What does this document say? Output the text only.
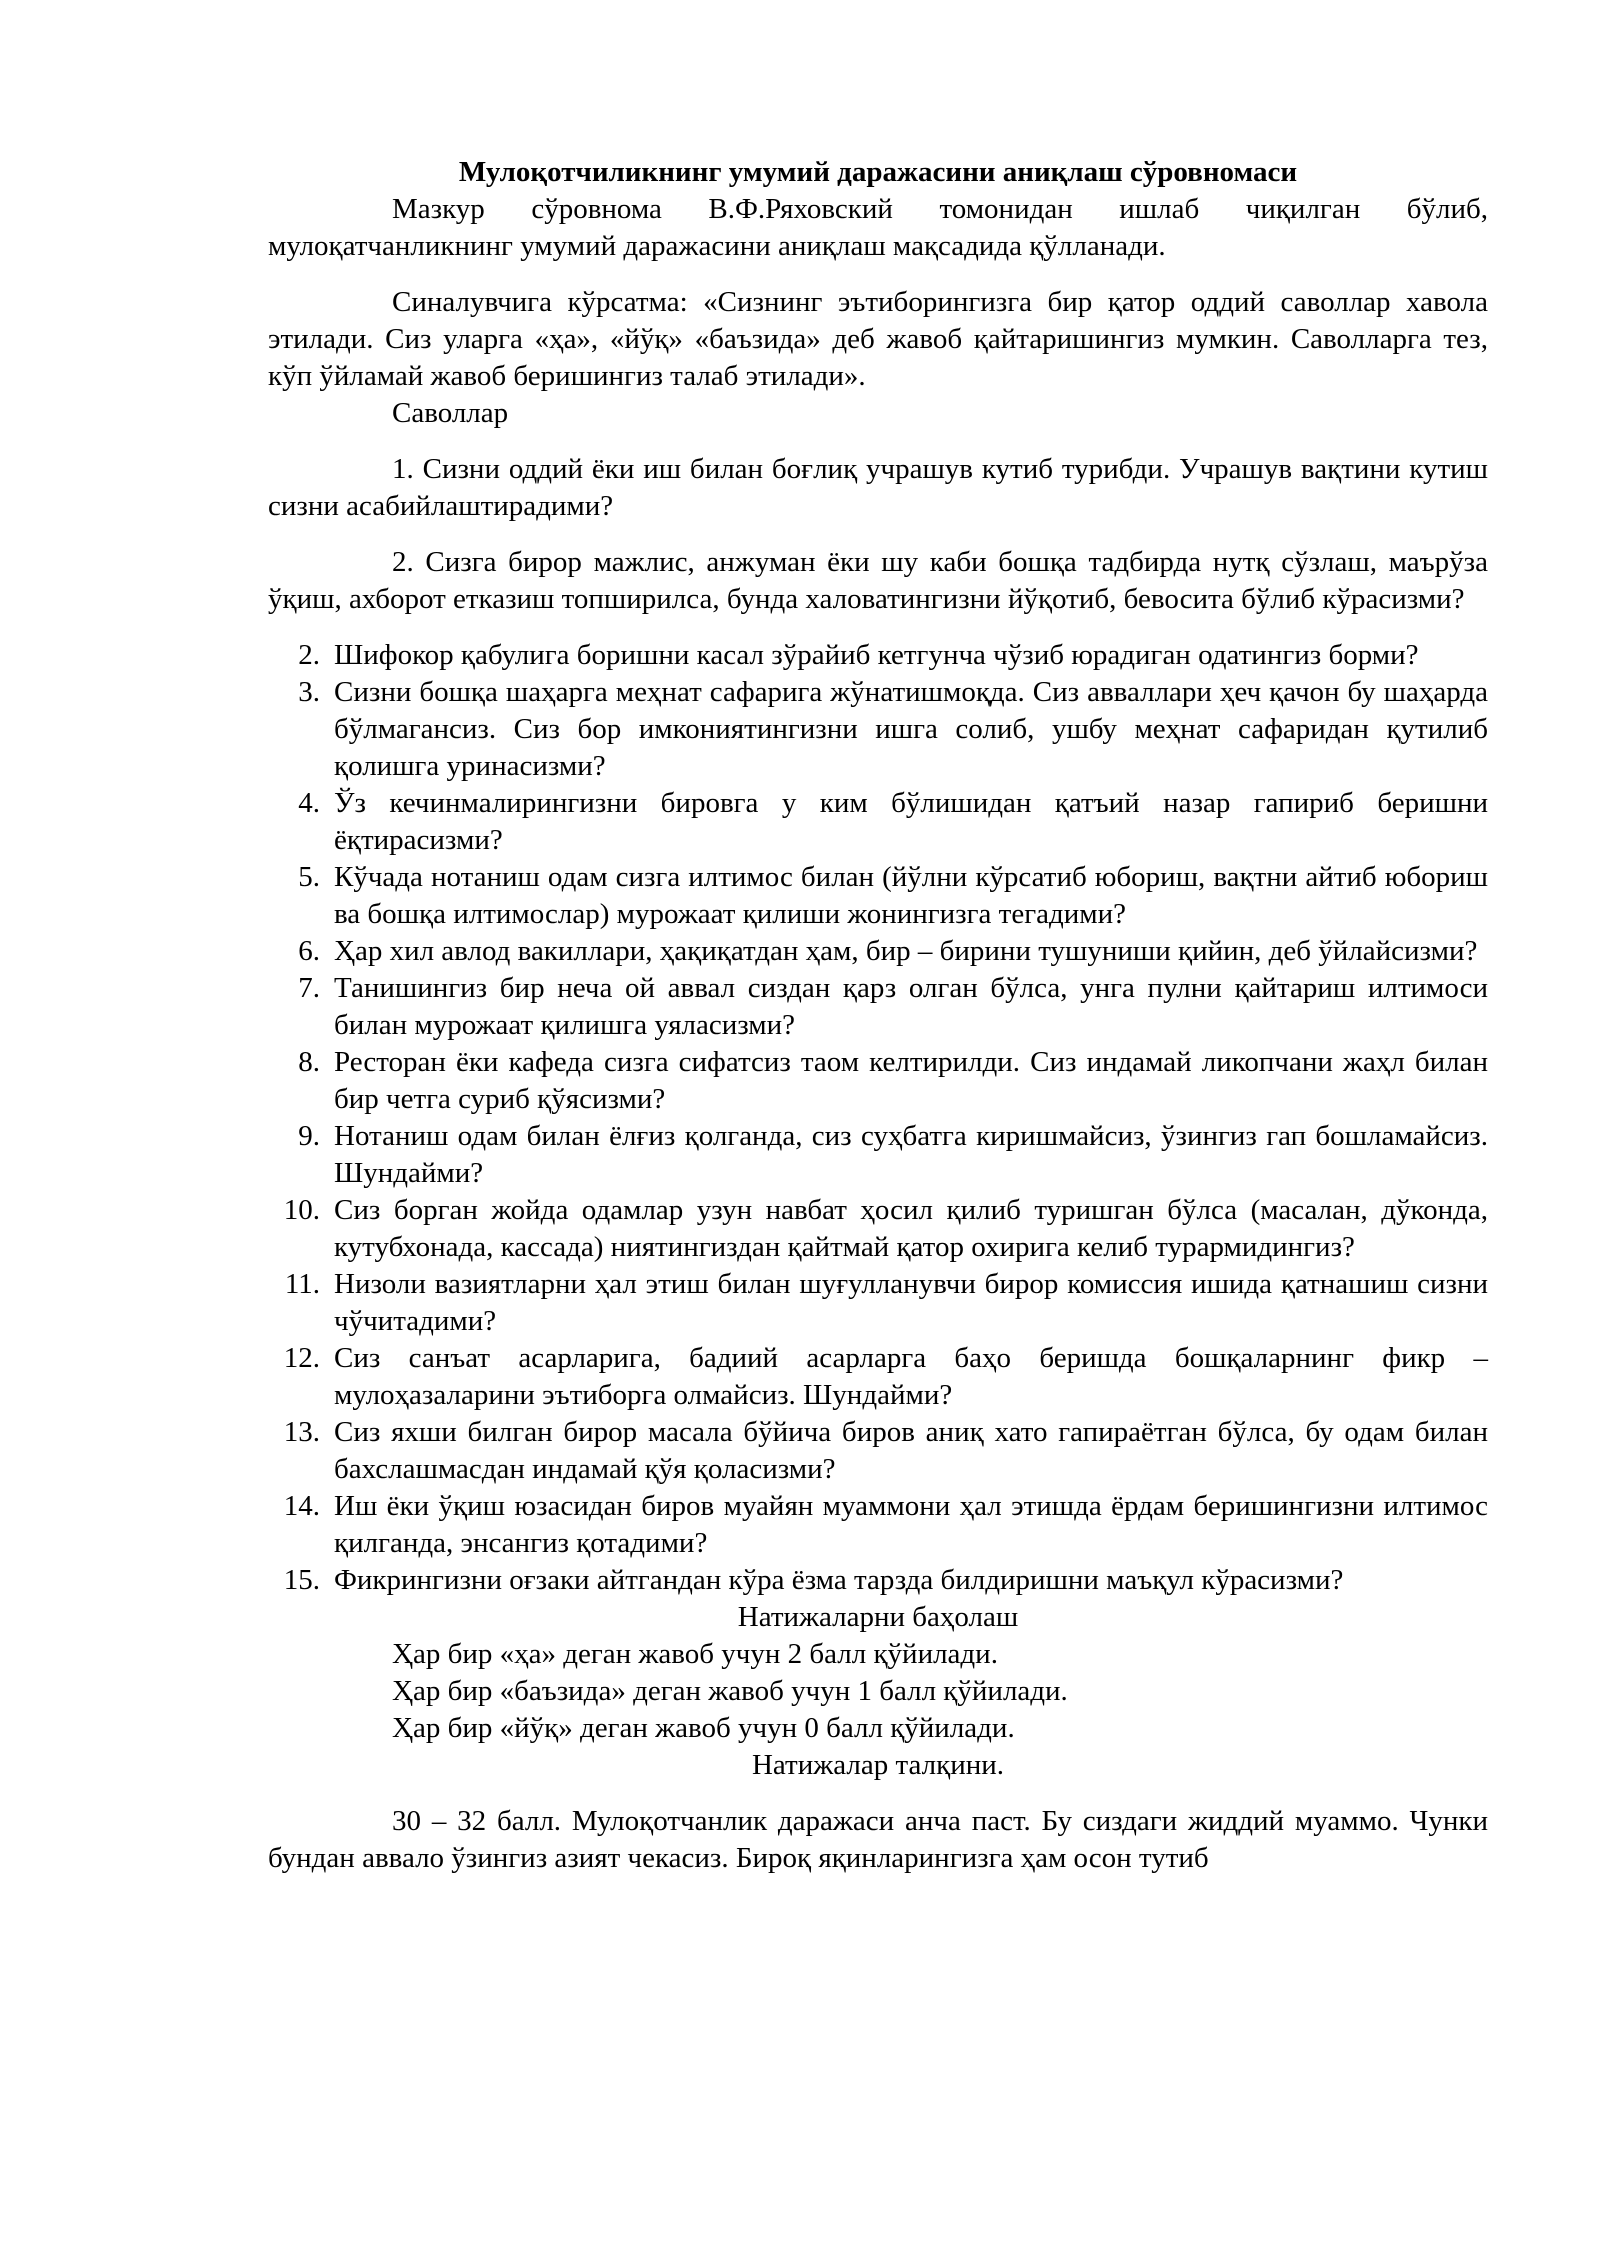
Мулоқотчиликнинг умумий даражасини аниқлаш сўровномаси

Мазкур сўровнома В.Ф.Ряховский томонидан ишлаб чиқилган бўлиб, мулоқатчанликнинг умумий даражасини аниқлаш мақсадида қўлланади.

Синалувчига кўрсатма: «Сизнинг эътиборингизга бир қатор оддий саволлар хавола этилади. Сиз уларга «ҳа», «йўқ» «баъзида» деб жавоб қайтаришингиз мумкин. Саволларга тез, кўп ўйламай жавоб беришингиз талаб этилади».

Саволлар

1. Сизни оддий ёки иш билан боғлиқ учрашув кутиб турибди. Учрашув вақтини кутиш сизни асабийлаштирадими?

2. Сизга бирор мажлис, анжуман ёки шу каби бошқа тадбирда нутқ сўзлаш, маърўза ўқиш, ахборот етказиш топширилса, бунда халоватингизни йўқотиб, бевосита бўлиб кўрасизми?

2. Шифокор қабулига боришни касал зўрайиб кетгунча чўзиб юрадиган одатингиз борми?
3. Сизни бошқа шаҳарга меҳнат сафарига жўнатишмоқда. Сиз авваллари ҳеч қачон бу шаҳарда бўлмагансиз. Сиз бор имкониятингизни ишга солиб, ушбу меҳнат сафаридан қутилиб қолишга уринасизми?
4. Ўз кечинмалирингизни бировга у ким бўлишидан қатъий назар гапириб беришни ёқтирасизми?
5. Кўчада нотаниш одам сизга илтимос билан (йўлни кўрсатиб юбориш, вақтни айтиб юбориш ва бошқа илтимослар) мурожаат қилиши жонингизга тегадими?
6. Ҳар хил авлод вакиллари, ҳақиқатдан ҳам, бир – бирини тушуниши қийин, деб ўйлайсизми?
7. Танишингиз бир неча ой аввал сиздан қарз олган бўлса, унга пулни қайтариш илтимоси билан мурожаат қилишга уяласизми?
8. Ресторан ёки кафеда сизга сифатсиз таом келтирилди. Сиз индамай ликопчани жаҳл билан бир четга суриб қўясизми?
9. Нотаниш одам билан ёлғиз қолганда, сиз суҳбатга киришмайсиз, ўзингиз гап бошламайсиз. Шундайми?
10. Сиз борган жойда одамлар узун навбат ҳосил қилиб туришган бўлса (масалан, дўконда, кутубхонада, кассада) ниятингиздан қайтмай қатор охирига келиб турармидингиз?
11. Низоли вазиятларни ҳал этиш билан шуғулланувчи бирор комиссия ишида қатнашиш сизни чўчитадими?
12. Сиз санъат асарларига, бадиий асарларга баҳо беришда бошқаларнинг фикр – мулоҳазаларини эътиборга олмайсиз. Шундайми?
13. Сиз яхши билган бирор масала бўйича биров аниқ хато гапираётган бўлса, бу одам билан бахслашмасдан индамай қўя қоласизми?
14. Иш ёки ўқиш юзасидан биров муайян муаммони ҳал этишда ёрдам беришингизни илтимос қилганда, энсангиз қотадими?
15. Фикрингизни оғзаки айтгандан кўра ёзма тарзда билдиришни маъқул кўрасизми?

Натижаларни баҳолаш

Ҳар бир «ҳа» деган жавоб учун 2 балл қўйилади.

Ҳар бир «баъзида» деган жавоб учун 1 балл қўйилади.

Ҳар бир «йўқ» деган жавоб учун 0 балл қўйилади.

Натижалар талқини.

30 – 32 балл. Мулоқотчанлик даражаси анча паст. Бу сиздаги жиддий муаммо. Чунки бундан аввало ўзингиз азият чекасиз. Бироқ яқинларингизга ҳам осон тутиб
